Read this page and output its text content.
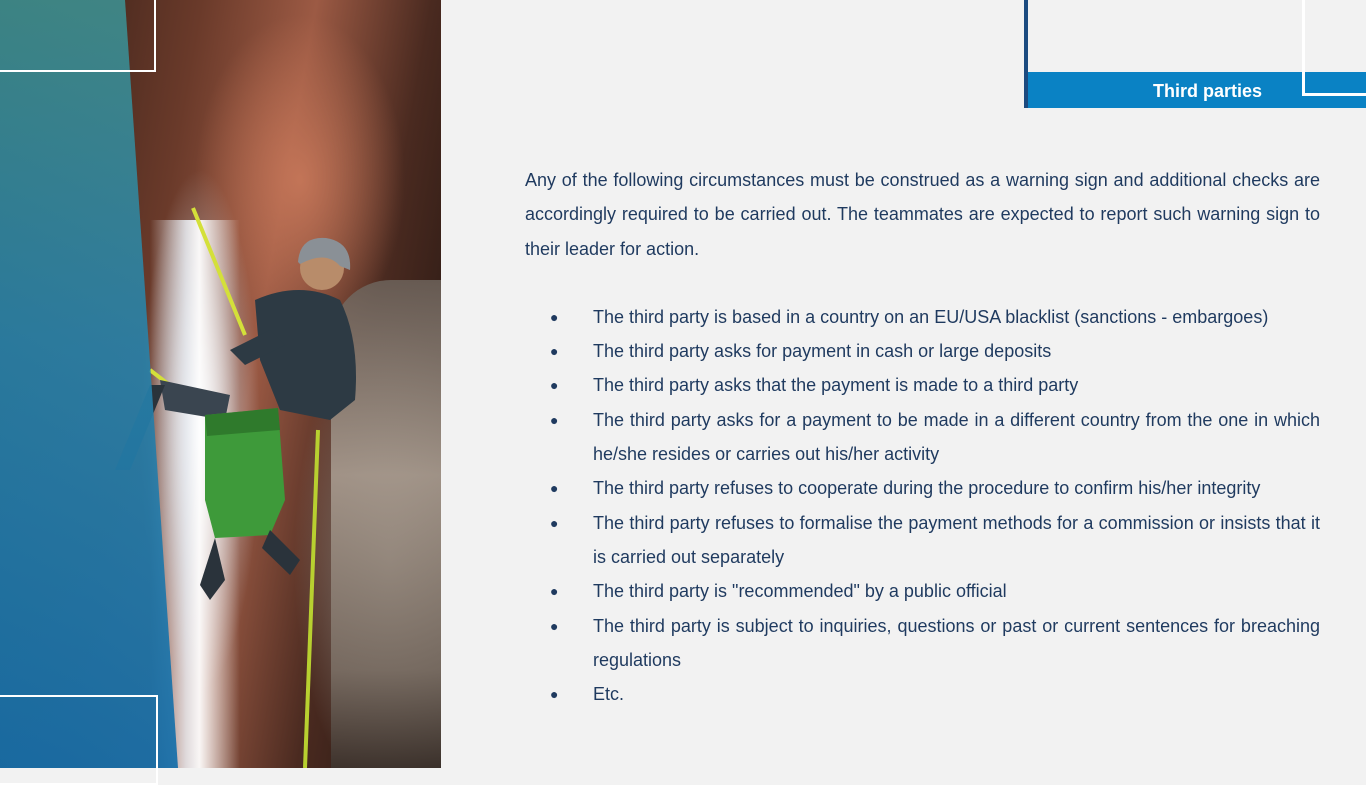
Third parties

Any of the following circumstances must be construed as a warning sign and additional checks are accordingly required to be carried out. The teammates are expected to report such warning sign to their leader for action.

● The third party is based in a country on an EU/USA blacklist (sanctions - embargoes)
● The third party asks for payment in cash or large deposits
● The third party asks that the payment is made to a third party
● The third party asks for a payment to be made in a different country from the one in which he/she resides or carries out his/her activity
● The third party refuses to cooperate during the procedure to confirm his/her integrity
● The third party refuses to formalise the payment methods for a commission or insists that it is carried out separately
● The third party is "recommended" by a public official
● The third party is subject to inquiries, questions or past or current sentences for breaching regulations
● Etc.
